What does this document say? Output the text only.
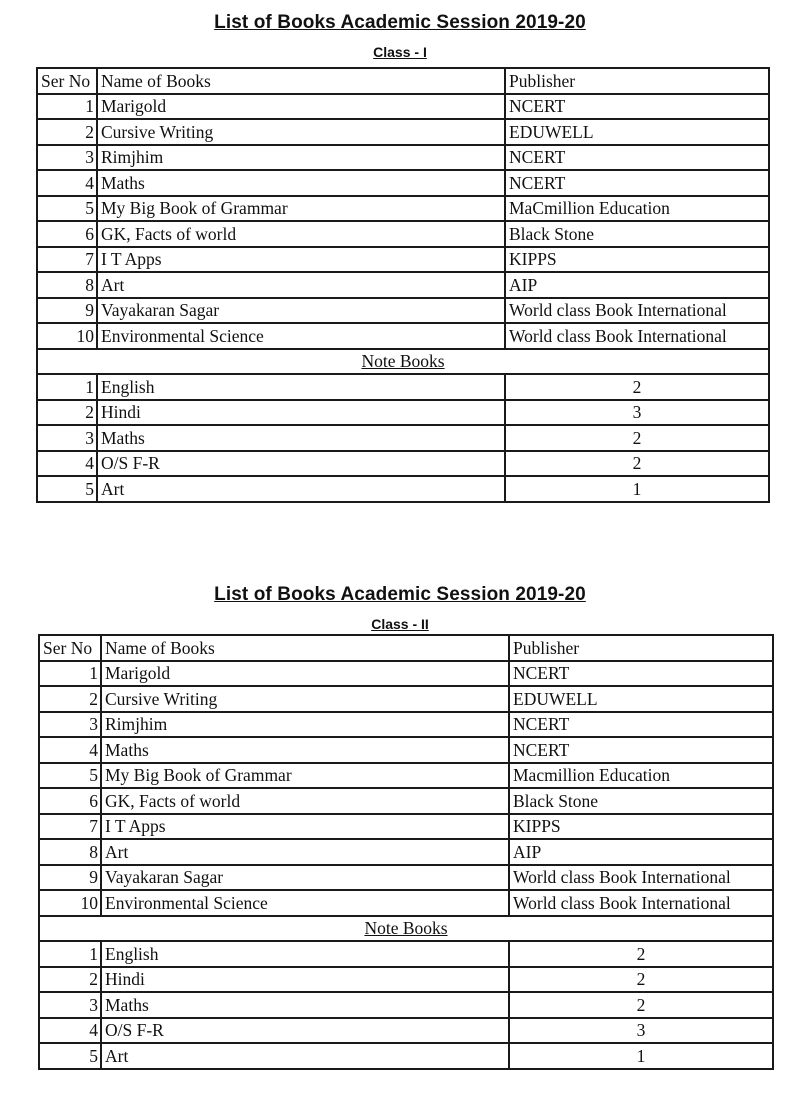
List of Books Academic Session 2019-20
Class - I
Ser No	Name of Books	Publisher
1	Marigold	NCERT
2	Cursive Writing	EDUWELL
3	Rimjhim	NCERT
4	Maths	NCERT
5	My Big Book of Grammar	MaCmillion Education
6	GK, Facts of world	Black Stone
7	I T Apps	KIPPS
8	Art	AIP
9	Vayakaran Sagar	World class Book International
10	Environmental Science	World class Book International
Note Books		
1	English	2
2	Hindi	3
3	Maths	2
4	O/S F-R	2
5	Art	1
List of Books Academic Session 2019-20
Class - II
Ser No	Name of Books	Publisher
1	Marigold	NCERT
2	Cursive Writing	EDUWELL
3	Rimjhim	NCERT
4	Maths	NCERT
5	My Big Book of Grammar	Macmillion Education
6	GK, Facts of world	Black Stone
7	I T Apps	KIPPS
8	Art	AIP
9	Vayakaran Sagar	World class Book International
10	Environmental Science	World class Book International
Note Books		
1	English	2
2	Hindi	2
3	Maths	2
4	O/S F-R	3
5	Art	1
